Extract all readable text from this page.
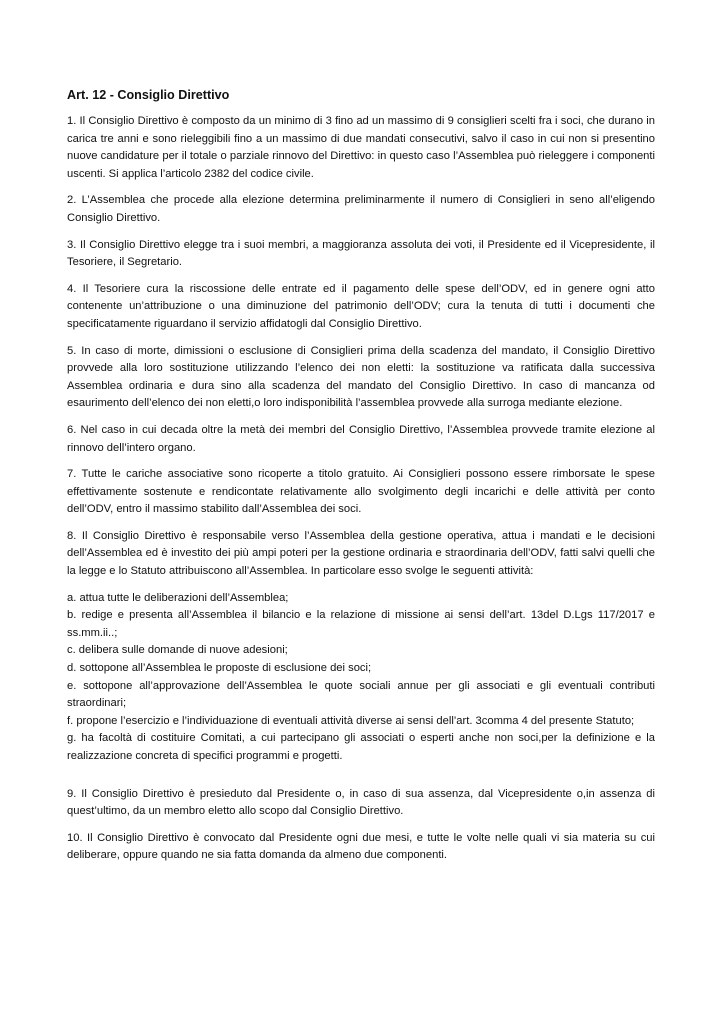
Art. 12 - Consiglio Direttivo

1. Il Consiglio Direttivo è composto da un minimo di 3 fino ad un massimo di 9 consiglieri scelti fra i soci, che durano in carica tre anni e sono rieleggibili fino a un massimo di due mandati consecutivi, salvo il caso in cui non si presentino nuove candidature per il totale o parziale rinnovo del Direttivo: in questo caso l’Assemblea può rieleggere i componenti uscenti. Si applica l’articolo 2382 del codice civile.

2. L’Assemblea che procede alla elezione determina preliminarmente il numero di Consiglieri in seno all’eligendo Consiglio Direttivo.

3. Il Consiglio Direttivo elegge tra i suoi membri, a maggioranza assoluta dei voti, il Presidente ed il Vicepresidente, il Tesoriere, il Segretario.

4. Il Tesoriere cura la riscossione delle entrate ed il pagamento delle spese dell’ODV, ed in genere ogni atto contenente un’attribuzione o una diminuzione del patrimonio dell’ODV; cura la tenuta di tutti i documenti che specificatamente riguardano il servizio affidatogli dal Consiglio Direttivo.

5. In caso di morte, dimissioni o esclusione di Consiglieri prima della scadenza del mandato, il Consiglio Direttivo provvede alla loro sostituzione utilizzando l’elenco dei non eletti: la sostituzione va ratificata dalla successiva Assemblea ordinaria e dura sino alla scadenza del mandato del Consiglio Direttivo. In caso di mancanza od esaurimento dell’elenco dei non eletti,o loro indisponibilità l’assemblea provvede alla surroga mediante elezione.

6. Nel caso in cui decada oltre la metà dei membri del Consiglio Direttivo, l’Assemblea provvede tramite elezione al rinnovo dell’intero organo.

7. Tutte le cariche associative sono ricoperte a titolo gratuito. Ai Consiglieri possono essere rimborsate le spese effettivamente sostenute e rendicontate relativamente allo svolgimento degli incarichi e delle attività per conto dell’ODV, entro il massimo stabilito dall’Assemblea dei soci.

8. Il Consiglio Direttivo è responsabile verso l’Assemblea della gestione operativa, attua i mandati e le decisioni dell’Assemblea ed è investito dei più ampi poteri per la gestione ordinaria e straordinaria dell’ODV, fatti salvi quelli che la legge e lo Statuto attribuiscono all’Assemblea. In particolare esso svolge le seguenti attività:

a. attua tutte le deliberazioni dell’Assemblea;
b. redige e presenta all’Assemblea il bilancio e la relazione di missione ai sensi dell’art. 13del D.Lgs 117/2017 e ss.mm.ii..;
c. delibera sulle domande di nuove adesioni;
d. sottopone all’Assemblea le proposte di esclusione dei soci;
e. sottopone all’approvazione dell’Assemblea le quote sociali annue per gli associati e gli eventuali contributi straordinari;
f. propone l’esercizio e l’individuazione di eventuali attività diverse ai sensi dell’art. 3comma 4 del presente Statuto;
g. ha facoltà di costituire Comitati, a cui partecipano gli associati o esperti anche non soci,per la definizione e la realizzazione concreta di specifici programmi e progetti.

9. Il Consiglio Direttivo è presieduto dal Presidente o, in caso di sua assenza, dal Vicepresidente o,in assenza di quest’ultimo, da un membro eletto allo scopo dal Consiglio Direttivo.

10. Il Consiglio Direttivo è convocato dal Presidente ogni due mesi, e tutte le volte nelle quali vi sia materia su cui deliberare, oppure quando ne sia fatta domanda da almeno due componenti.
